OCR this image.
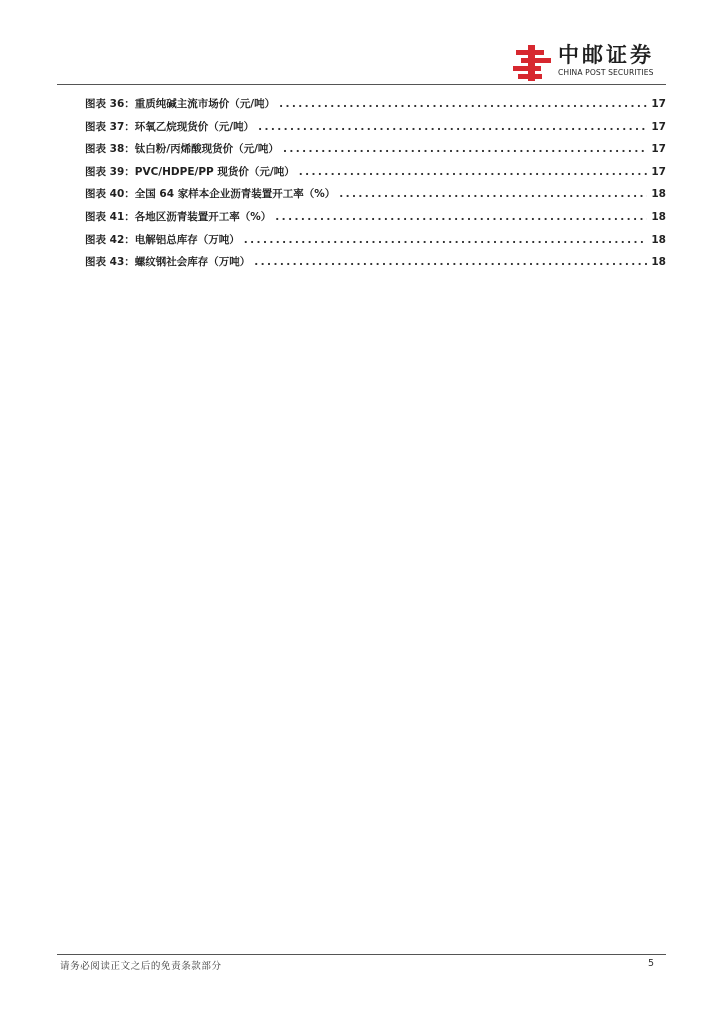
中邮证券
CHINA POST SECURITIES
图表 36：重质纯碱主流市场价（元/吨） .....	17
图表 37：环氧乙烷现货价（元/吨） .....	17
图表 38：钛白粉/丙烯酸现货价（元/吨） .....	17
图表 39：PVC/HDPE/PP 现货价（元/吨） .....	17
图表 40：全国 64 家样本企业沥青装置开工率（%） .....	18
图表 41：各地区沥青装置开工率（%） .....	18
图表 42：电解铝总库存（万吨） .....	18
图表 43：螺纹钢社会库存（万吨） .....	18
请务必阅读正文之后的免责条款部分	5
